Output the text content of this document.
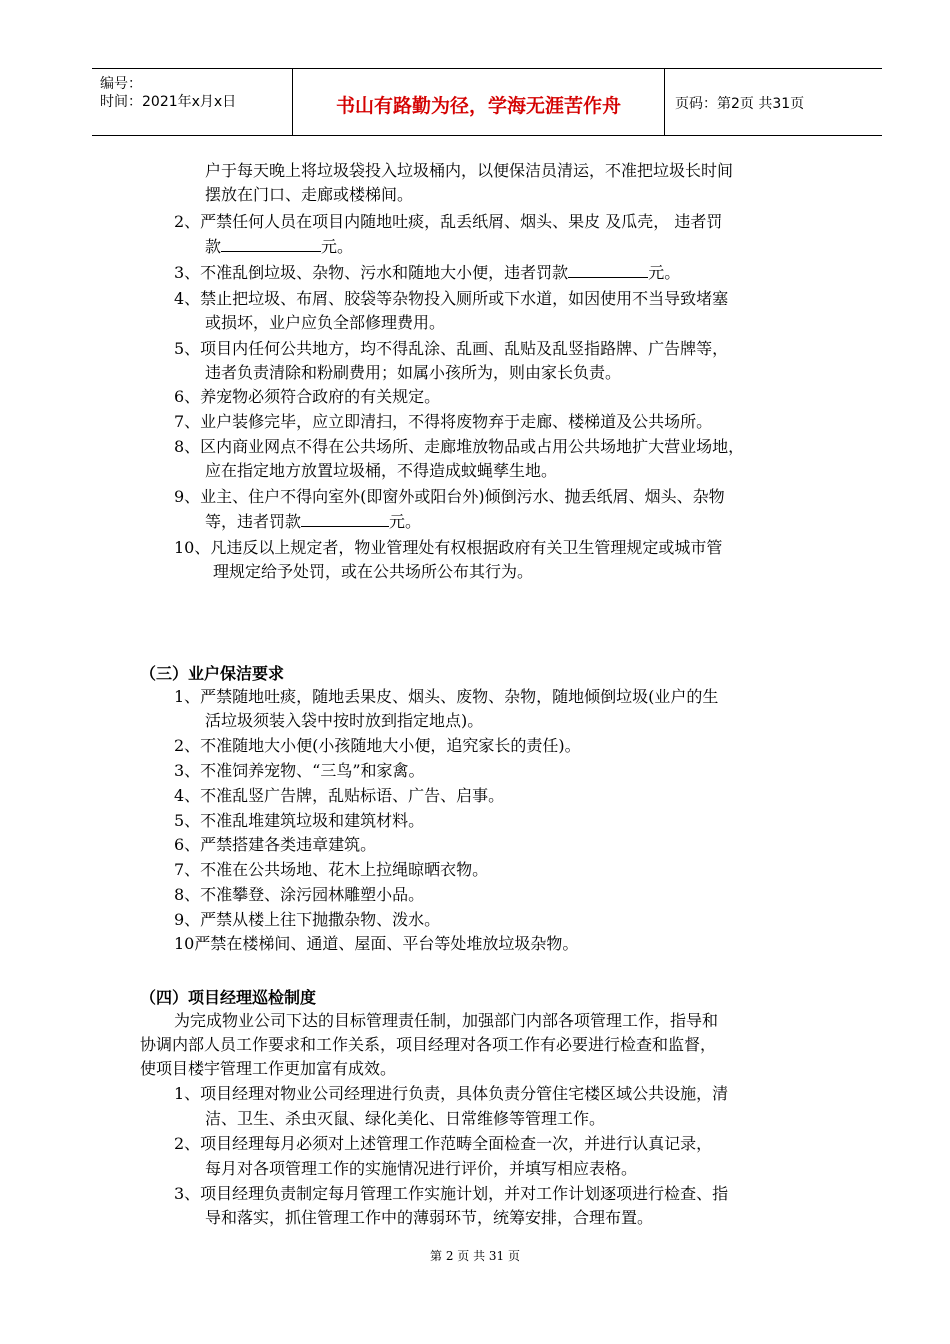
编号：
时间：2021年x月x日	书山有路勤为径，学海无涯苦作舟	页码：第2页 共31页
户于每天晚上将垃圾袋投入垃圾桶内，以便保洁员清运，不准把垃圾长时间
摆放在门口、走廊或楼梯间。
2、严禁任何人员在项目内随地吐痰，乱丢纸屑、烟头、果皮 及瓜壳， 违者罚
款	元。
3、不准乱倒垃圾、杂物、污水和随地大小便，违者罚款	元。
4、禁止把垃圾、布屑、胶袋等杂物投入厕所或下水道，如因使用不当导致堵塞
或损坏，业户应负全部修理费用。
5、项目内任何公共地方，均不得乱涂、乱画、乱贴及乱竖指路牌、广告牌等，
违者负责清除和粉刷费用；如属小孩所为，则由家长负责。
6、养宠物必须符合政府的有关规定。
7、业户装修完毕，应立即清扫，不得将废物弃于走廊、楼梯道及公共场所。
8、区内商业网点不得在公共场所、走廊堆放物品或占用公共场地扩大营业场地，
应在指定地方放置垃圾桶，不得造成蚊蝇孳生地。
9、业主、住户不得向室外(即窗外或阳台外)倾倒污水、抛丢纸屑、烟头、杂物
等，违者罚款	元。
10、凡违反以上规定者，物业管理处有权根据政府有关卫生管理规定或城市管
理规定给予处罚，或在公共场所公布其行为。
（三）业户保洁要求
1、严禁随地吐痰，随地丢果皮、烟头、废物、杂物，随地倾倒垃圾(业户的生
活垃圾须装入袋中按时放到指定地点)。
2、不准随地大小便(小孩随地大小便，追究家长的责任)。
3、不准饲养宠物、“三鸟”和家禽。
4、不准乱竖广告牌，乱贴标语、广告、启事。
5、不准乱堆建筑垃圾和建筑材料。
6、严禁搭建各类违章建筑。
7、不准在公共场地、花木上拉绳晾晒衣物。
8、不准攀登、涂污园林雕塑小品。
9、严禁从楼上往下抛撒杂物、泼水。
10严禁在楼梯间、通道、屋面、平台等处堆放垃圾杂物。
（四）项目经理巡检制度
为完成物业公司下达的目标管理责任制，加强部门内部各项管理工作，指导和
协调内部人员工作要求和工作关系，项目经理对各项工作有必要进行检查和监督，
使项目楼宇管理工作更加富有成效。
1、项目经理对物业公司经理进行负责，具体负责分管住宅楼区域公共设施，清
洁、卫生、杀虫灭鼠、绿化美化、日常维修等管理工作。
2、项目经理每月必须对上述管理工作范畴全面检查一次，并进行认真记录，
每月对各项管理工作的实施情况进行评价，并填写相应表格。
3、项目经理负责制定每月管理工作实施计划，并对工作计划逐项进行检查、指
导和落实，抓住管理工作中的薄弱环节，统筹安排，合理布置。
第 2 页 共 31 页
